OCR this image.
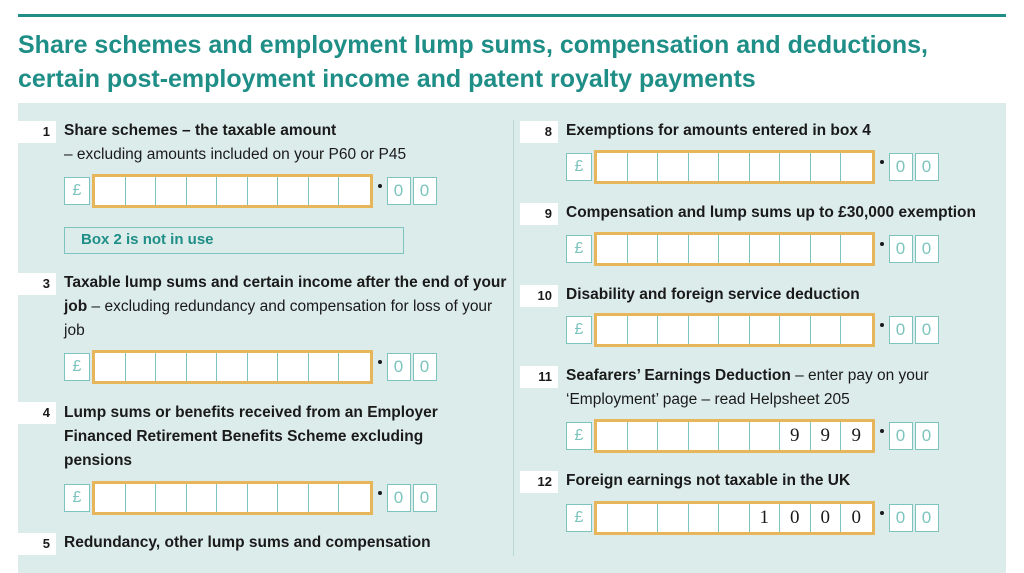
Share schemes and employment lump sums, compensation and deductions,
certain post-employment income and patent royalty payments
1 Share schemes – the taxable amount
– excluding amounts included on your P60 or P45
£	0 0
Box 2 is not in use
3 Taxable lump sums and certain income after the end of your job – excluding redundancy and compensation for loss of your job
£	0 0
4 Lump sums or benefits received from an Employer Financed Retirement Benefits Scheme excluding pensions
£	0 0
5 Redundancy, other lump sums and compensation
8 Exemptions for amounts entered in box 4
£	0 0
9 Compensation and lump sums up to £30,000 exemption
£	0 0
10 Disability and foreign service deduction
£	0 0
11 Seafarers’ Earnings Deduction – enter pay on your ‘Employment’ page – read Helpsheet 205
£	9	9	9	0 0
12 Foreign earnings not taxable in the UK
£	1	0	0	0	0 0
